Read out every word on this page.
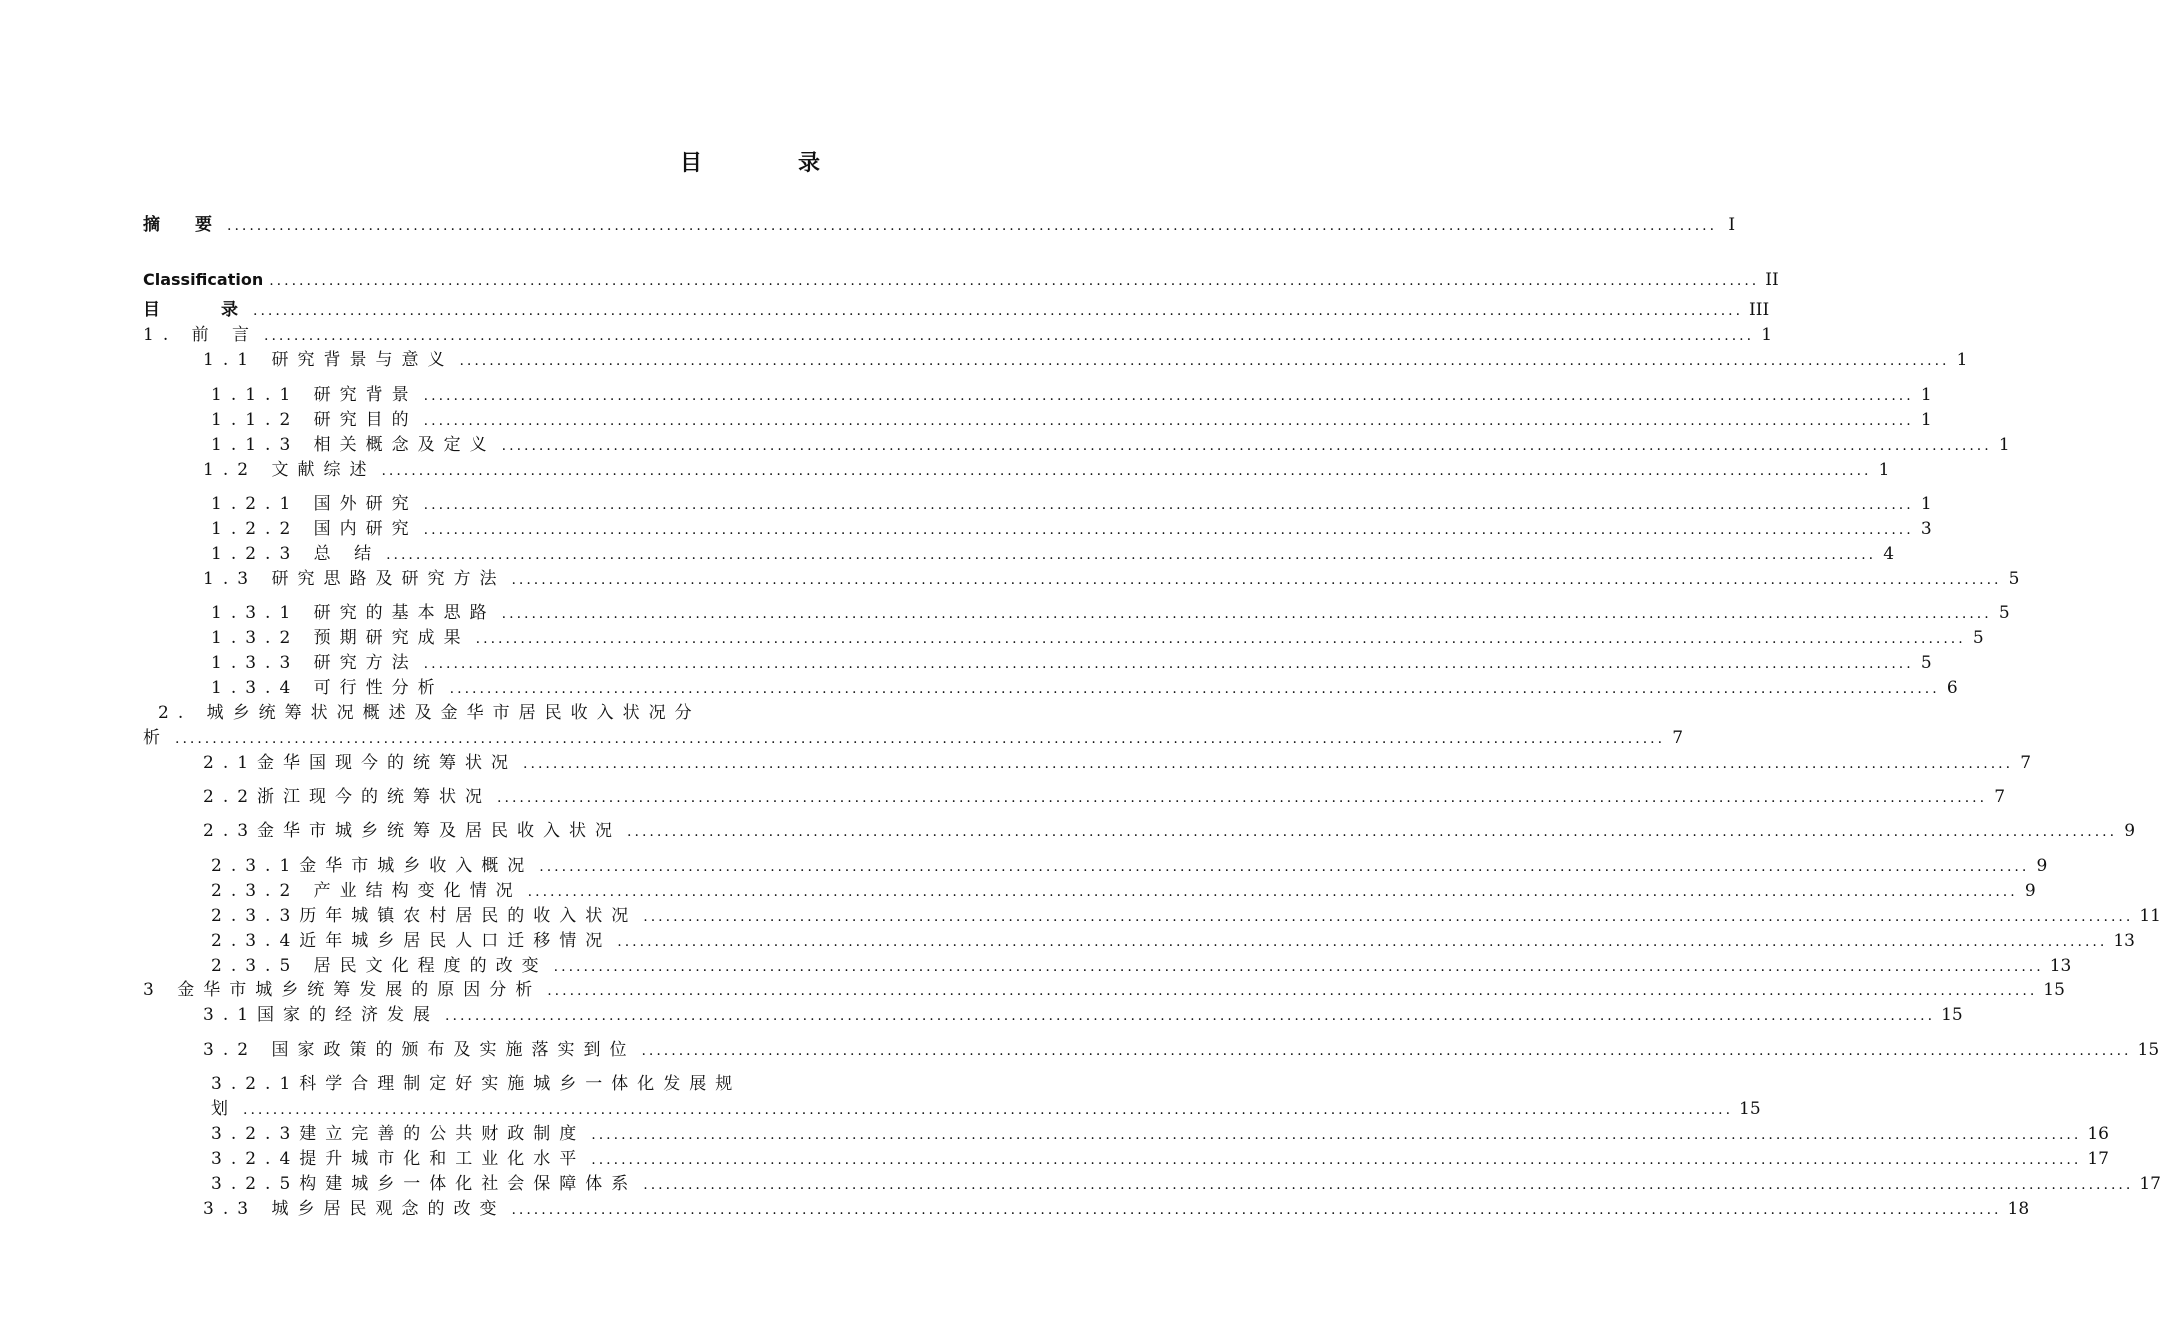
目	录
摘　要 ........................................................................................................................................................................................................ I
Classification ........................................................................................................................................................................................................ II
目　　录 ........................................................................................................................................................................................................ III
1. 前 言 ........................................................................................................................................................................................................ 1
1.1 研究背景与意义 ........................................................................................................................................................................................................ 1
1.1.1 研究背景 ........................................................................................................................................................................................................ 1
1.1.2 研究目的 ........................................................................................................................................................................................................ 1
1.1.3 相关概念及定义 ........................................................................................................................................................................................................ 1
1.2 文献综述 ........................................................................................................................................................................................................ 1
1.2.1 国外研究 ........................................................................................................................................................................................................ 1
1.2.2 国内研究 ........................................................................................................................................................................................................ 3
1.2.3 总 结 ........................................................................................................................................................................................................ 4
1.3 研究思路及研究方法 ........................................................................................................................................................................................................ 5
1.3.1 研究的基本思路 ........................................................................................................................................................................................................ 5
1.3.2 预期研究成果 ........................................................................................................................................................................................................ 5
1.3.3 研究方法 ........................................................................................................................................................................................................ 5
1.3.4 可行性分析 ........................................................................................................................................................................................................ 6
2. 城乡统筹状况概述及金华市居民收入状况分
析 ........................................................................................................................................................................................................ 7
2.1金华国现今的统筹状况 ........................................................................................................................................................................................................ 7
2.2浙江现今的统筹状况 ........................................................................................................................................................................................................ 7
2.3金华市城乡统筹及居民收入状况 ........................................................................................................................................................................................................ 9
2.3.1金华市城乡收入概况 ........................................................................................................................................................................................................ 9
2.3.2 产业结构变化情况 ........................................................................................................................................................................................................ 9
2.3.3历年城镇农村居民的收入状况 ........................................................................................................................................................................................................ 11
2.3.4近年城乡居民人口迁移情况 ........................................................................................................................................................................................................ 13
2.3.5 居民文化程度的改变 ........................................................................................................................................................................................................ 13
3 金华市城乡统筹发展的原因分析 ........................................................................................................................................................................................................ 15
3.1国家的经济发展 ........................................................................................................................................................................................................ 15
3.2 国家政策的颁布及实施落实到位 ........................................................................................................................................................................................................ 15
3.2.1科学合理制定好实施城乡一体化发展规
划 ........................................................................................................................................................................................................ 15
3.2.3建立完善的公共财政制度 ........................................................................................................................................................................................................ 16
3.2.4提升城市化和工业化水平 ........................................................................................................................................................................................................ 17
3.2.5构建城乡一体化社会保障体系 ........................................................................................................................................................................................................ 17
3.3 城乡居民观念的改变 ........................................................................................................................................................................................................ 18
